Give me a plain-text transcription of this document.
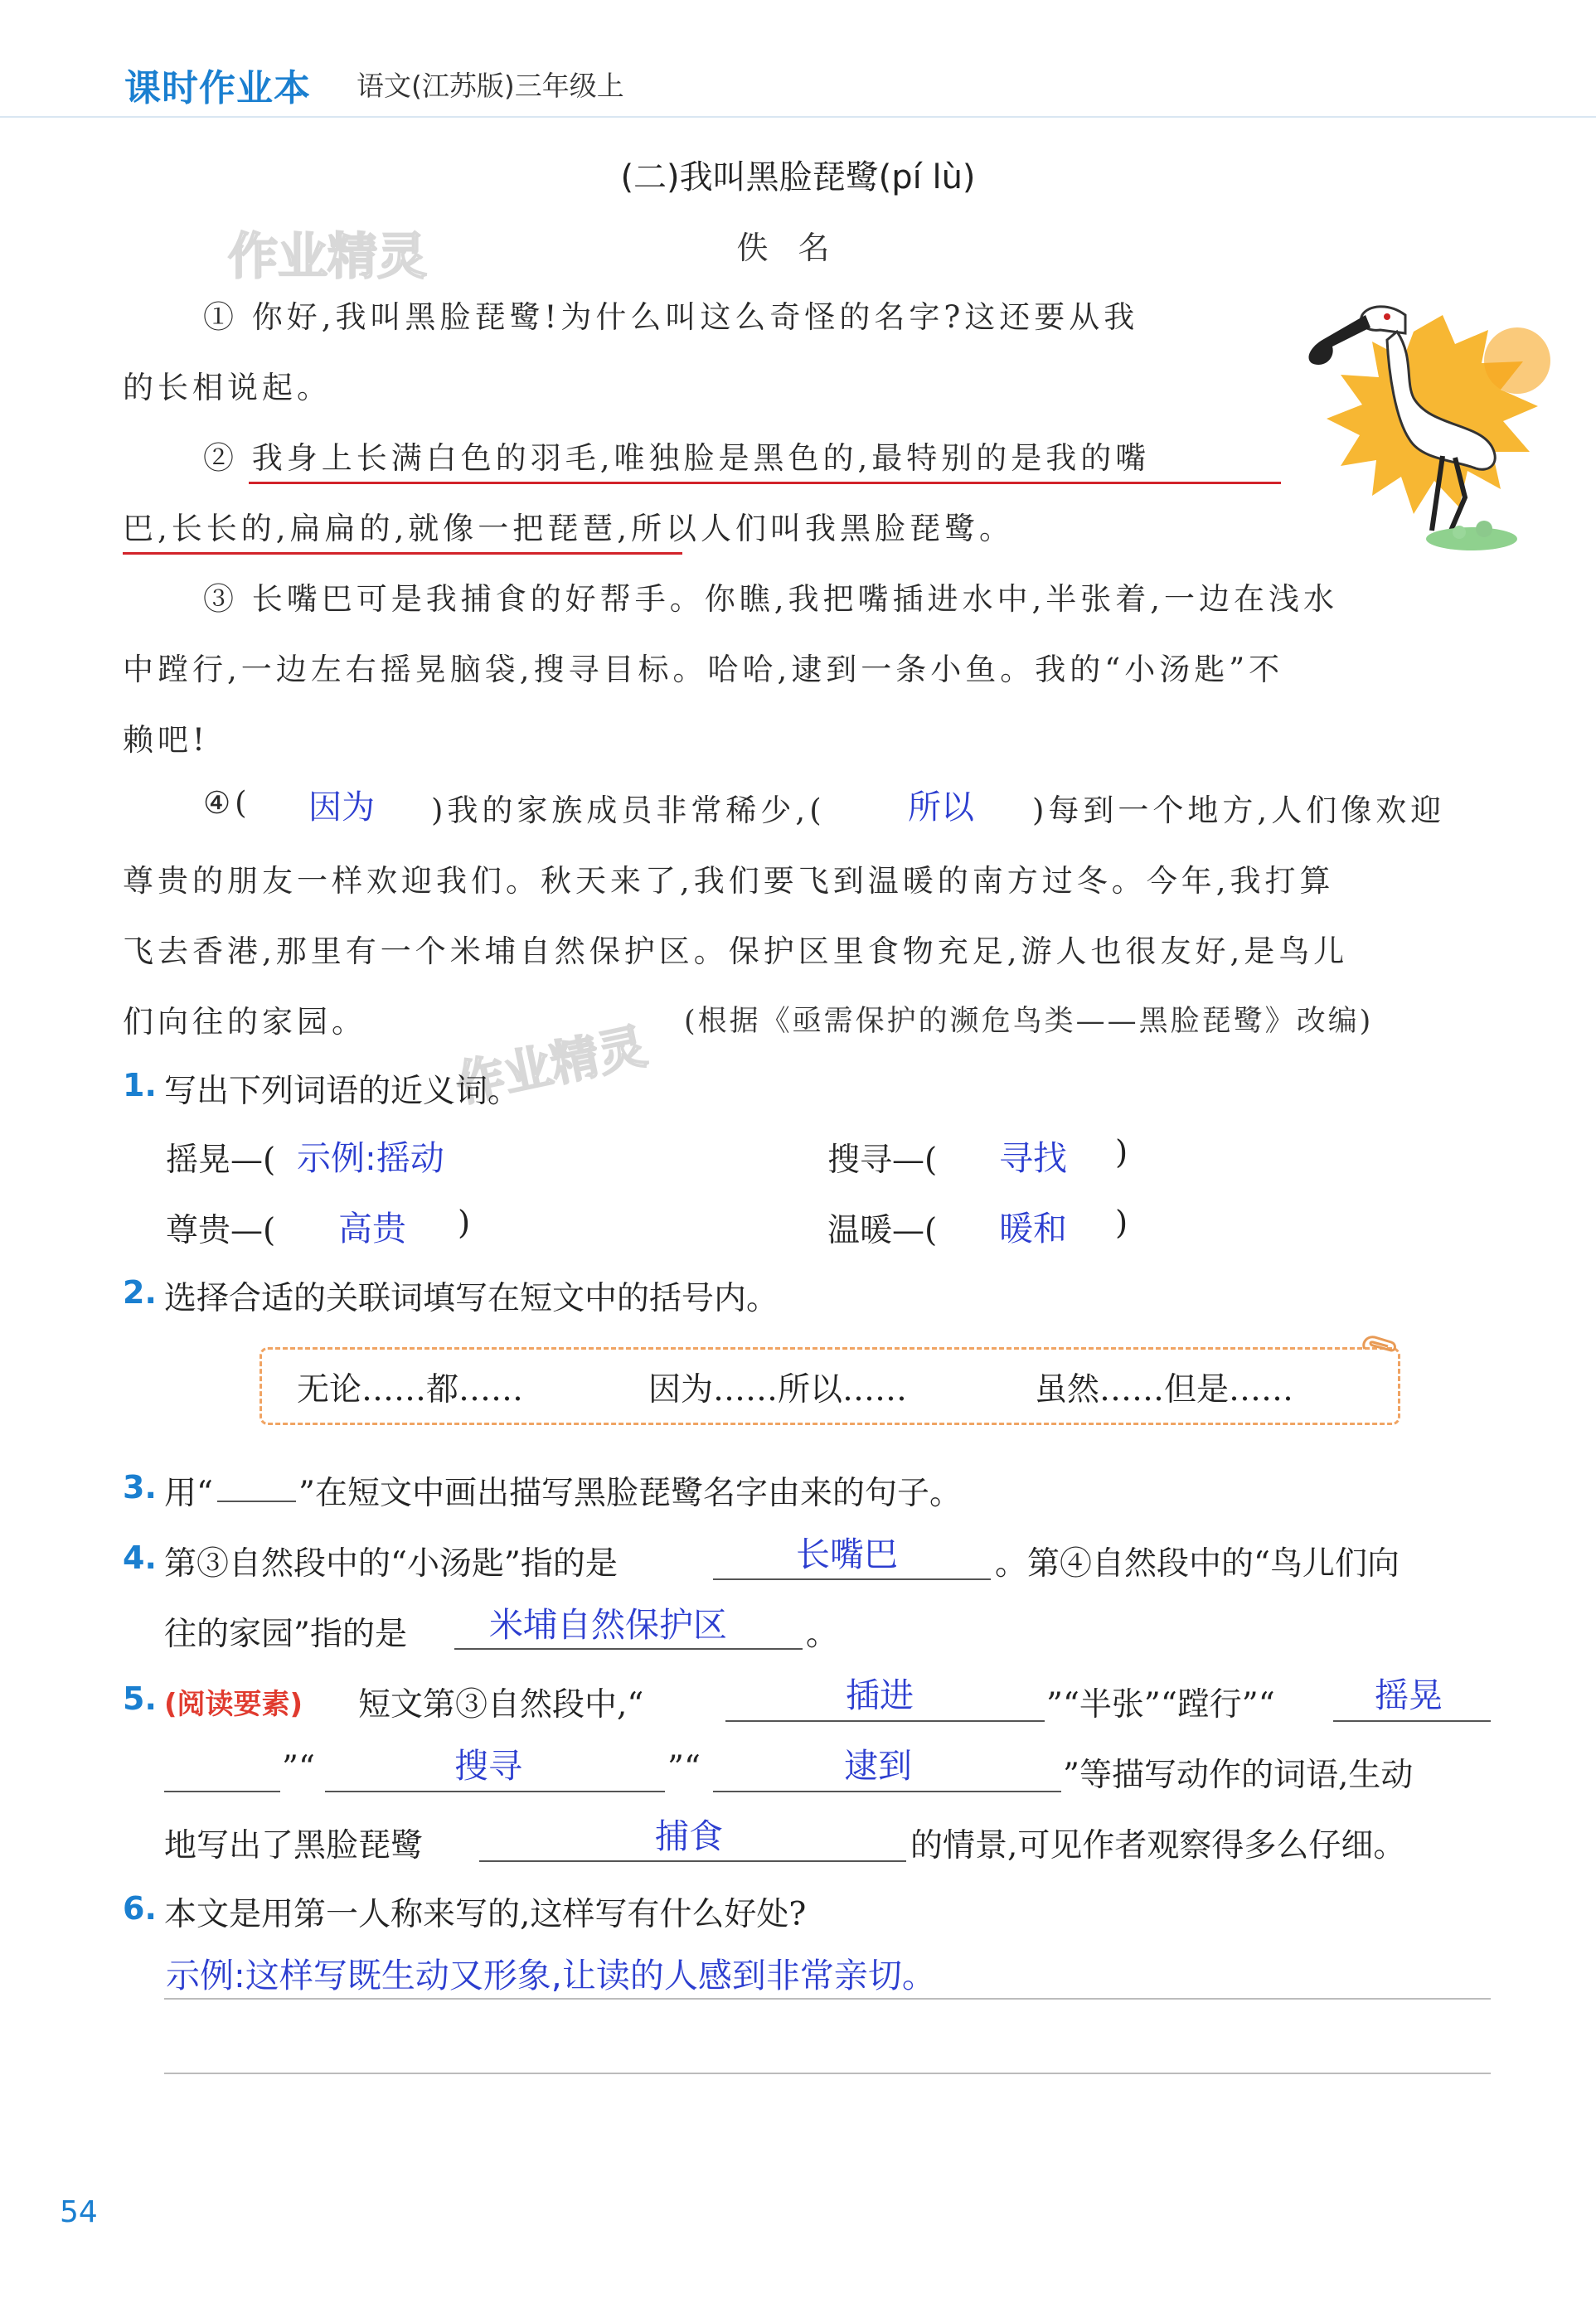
课时作业本 语文(江苏版)三年级上
(二)我叫黑脸琵鹭(pí lù)
佚名
作业精灵
作业精灵
① 你好,我叫黑脸琵鹭!为什么叫这么奇怪的名字?这还要从我
的长相说起。
② 我身上长满白色的羽毛,唯独脸是黑色的,最特别的是我的嘴
巴,长长的,扁扁的,就像一把琵琶,所以人们叫我黑脸琵鹭。
③ 长嘴巴可是我捕食的好帮手。你瞧,我把嘴插进水中,半张着,一边在浅水
中蹚行,一边左右摇晃脑袋,搜寻目标。哈哈,逮到一条小鱼。我的“小汤匙”不
赖吧!
④( 因为 )我的家族成员非常稀少,( 所以 )每到一个地方,人们像欢迎
尊贵的朋友一样欢迎我们。秋天来了,我们要飞到温暖的南方过冬。今年,我打算
飞去香港,那里有一个米埔自然保护区。保护区里食物充足,游人也很友好,是鸟儿
们向往的家园。	(根据《亟需保护的濒危鸟类——黑脸琵鹭》改编)
1. 写出下列词语的近义词。
摇晃—( 示例:摇动	搜寻—( 寻找 )
尊贵—( 高贵 )	温暖—( 暖和 )
2. 选择合适的关联词填写在短文中的括号内。
无论……都……	因为……所以……	虽然……但是……
3. 用“	”在短文中画出描写黑脸琵鹭名字由来的句子。
4. 第③自然段中的“小汤匙”指的是	长嘴巴	。第④自然段中的“鸟儿们向
往的家园”指的是 米埔自然保护区 。
5. (阅读要素) 短文第③自然段中,“	插进	”“半张”“蹚行”“	摇晃
”“	搜寻	”“	逮到	”等描写动作的词语,生动
地写出了黑脸琵鹭	捕食	的情景,可见作者观察得多么仔细。
6. 本文是用第一人称来写的,这样写有什么好处?
示例:这样写既生动又形象,让读的人感到非常亲切。
54
